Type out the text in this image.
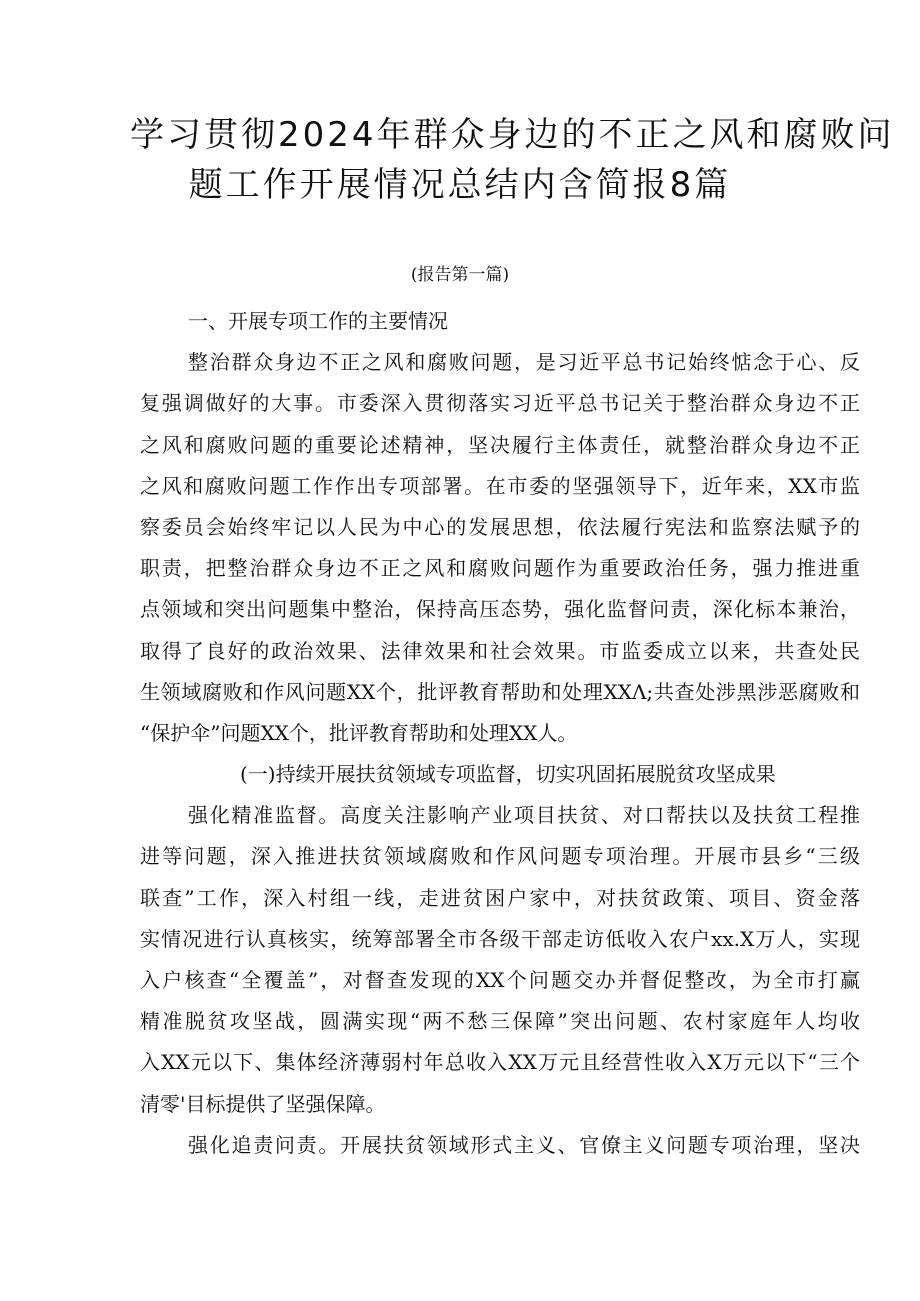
学习贯彻2024年群众身边的不正之风和腐败问
题工作开展情况总结内含简报8篇
(报告第一篇)
一、开展专项工作的主要情况
整治群众身边不正之风和腐败问题，是习近平总书记始终惦念于心、反
复强调做好的大事。市委深入贯彻落实习近平总书记关于整治群众身边不正
之风和腐败问题的重要论述精神，坚决履行主体责任，就整治群众身边不正
之风和腐败问题工作作出专项部署。在市委的坚强领导下，近年来，XX市监
察委员会始终牢记以人民为中心的发展思想，依法履行宪法和监察法赋予的
职责，把整治群众身边不正之风和腐败问题作为重要政治任务，强力推进重
点领域和突出问题集中整治，保持高压态势，强化监督问责，深化标本兼治，
取得了良好的政治效果、法律效果和社会效果。市监委成立以来，共查处民
生领域腐败和作风问题XX个，批评教育帮助和处理XXΛ;共查处涉黑涉恶腐败和
“保护伞”问题XX个，批评教育帮助和处理XX人。
(一)持续开展扶贫领域专项监督，切实巩固拓展脱贫攻坚成果
强化精准监督。高度关注影响产业项目扶贫、对口帮扶以及扶贫工程推
进等问题，深入推进扶贫领域腐败和作风问题专项治理。开展市县乡“三级
联查”工作，深入村组一线，走进贫困户家中，对扶贫政策、项目、资金落
实情况进行认真核实，统筹部署全市各级干部走访低收入农户xx.X万人，实现
入户核查“全覆盖”，对督查发现的XX个问题交办并督促整改，为全市打赢
精准脱贫攻坚战，圆满实现“两不愁三保障”突出问题、农村家庭年人均收
入XX元以下、集体经济薄弱村年总收入XX万元且经营性收入X万元以下“三个
清零'目标提供了坚强保障。
强化追责问责。开展扶贫领域形式主义、官僚主义问题专项治理，坚决
